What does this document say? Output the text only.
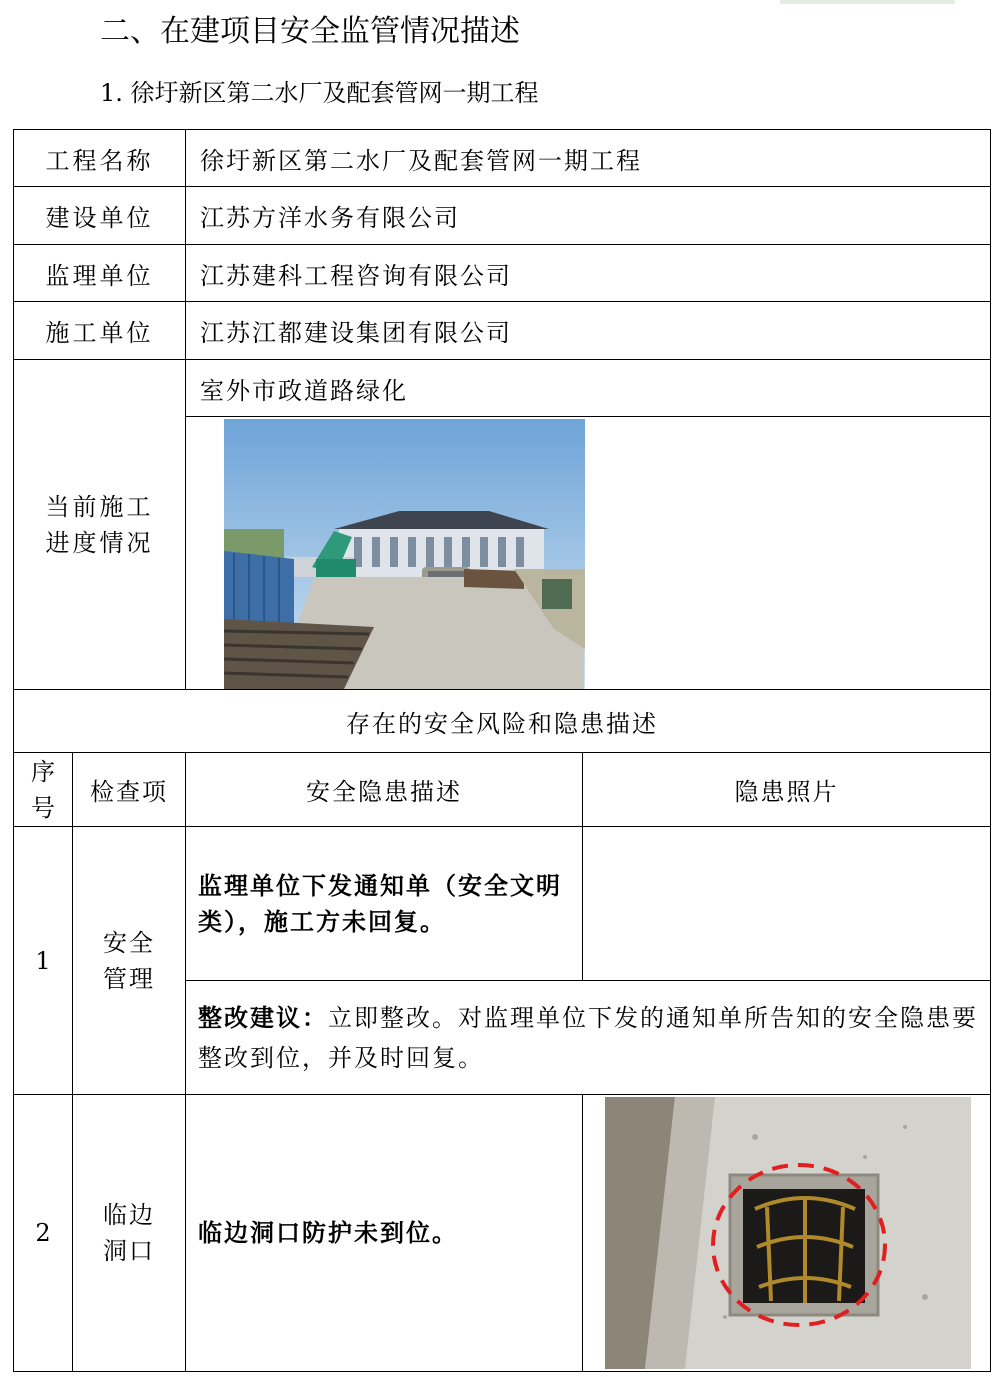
二、在建项目安全监管情况描述
1. 徐圩新区第二水厂及配套管网一期工程
工程名称		徐圩新区第二水厂及配套管网一期工程		
建设单位		江苏方洋水务有限公司		
监理单位		江苏建科工程咨询有限公司		
施工单位		江苏江都建设集团有限公司		

当前施工
进度情况		室外市政道路绿化		

存在的安全风险和隐患描述				

序
号	检查项	安全隐患描述	隐患照片	
1	安全
管理	监理单位下发通知单（安全文明类），施工方未回复。		
		整改建议：立即整改。对监理单位下发的通知单所告知的安全隐患要整改到位，并及时回复。		
2	临边
洞口	临边洞口防护未到位。	
